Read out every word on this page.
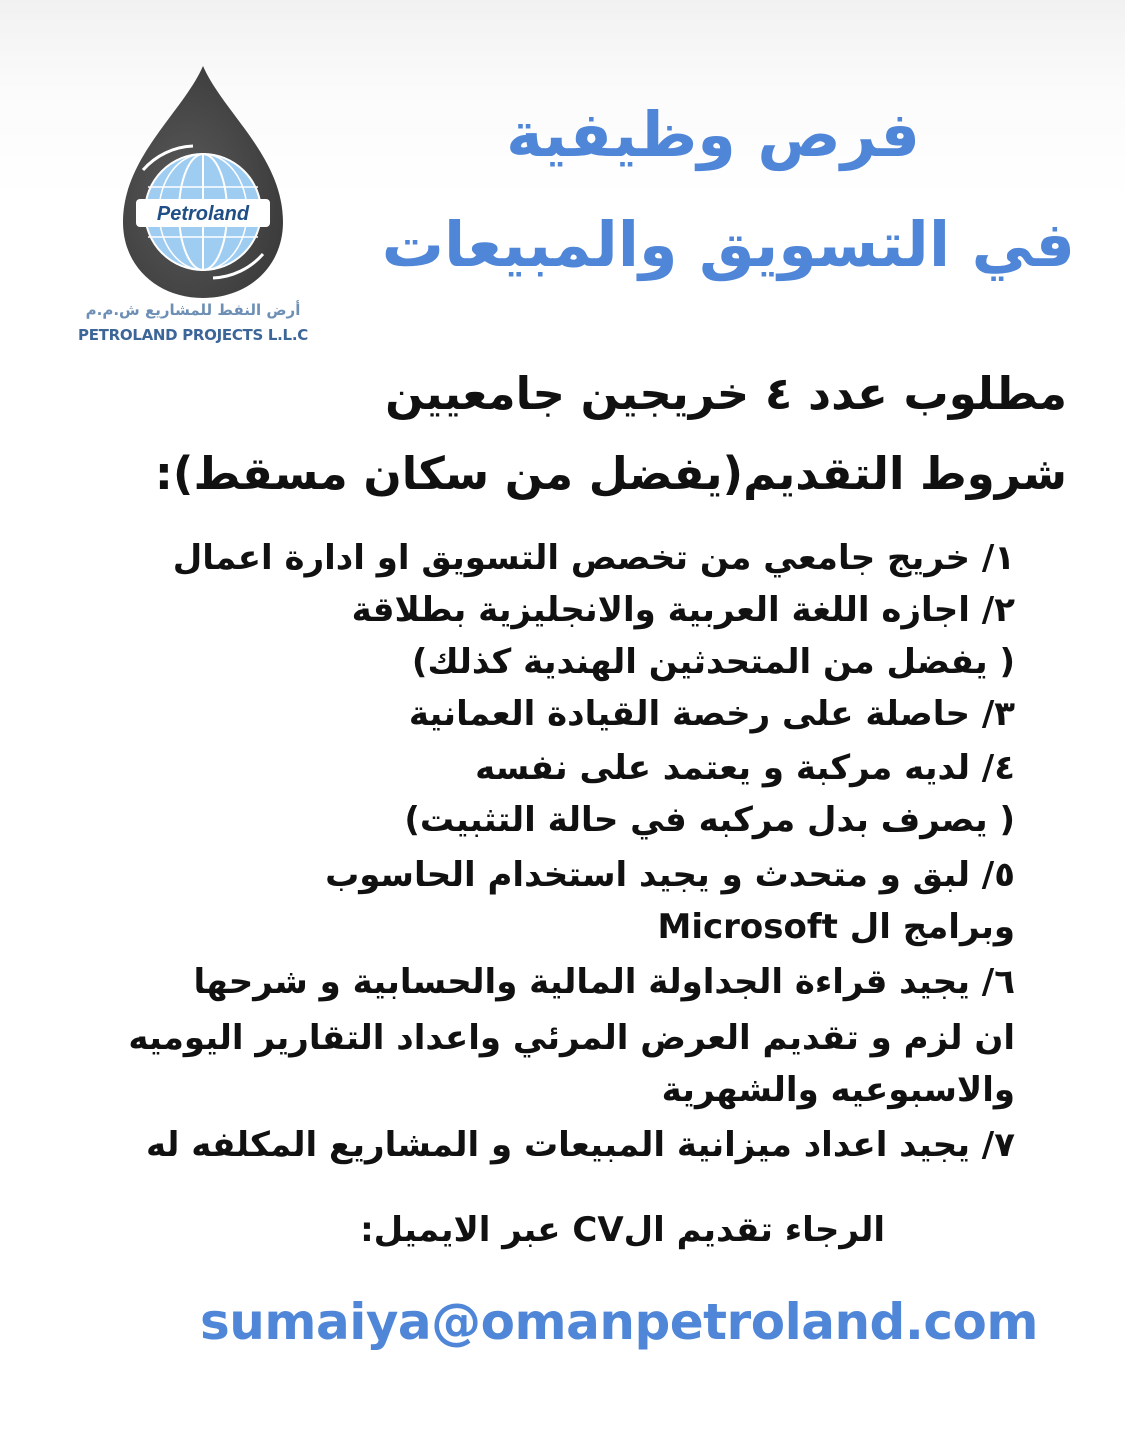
Petroland
أرض النفط للمشاريع ش.م.م
PETROLAND PROJECTS L.L.C
فرص وظيفية
في التسويق والمبيعات
مطلوب عدد ٤ خريجين جامعيين
شروط التقديم(يفضل من سكان مسقط):
١/ خريج جامعي من تخصص التسويق او ادارة اعمال
٢/ اجازه اللغة العربية والانجليزية بطلاقة
( يفضل من المتحدثين الهندية كذلك)
٣/ حاصلة على رخصة القيادة العمانية
٤/ لديه مركبة و يعتمد على نفسه
( يصرف بدل مركبه في حالة التثبيت)
٥/ لبق و متحدث و يجيد استخدام الحاسوب
وبرامج ال Microsoft
٦/ يجيد قراءة الجداولة المالية والحسابية و شرحها
ان لزم و تقديم العرض المرئي واعداد التقارير اليوميه
والاسبوعيه والشهرية
٧/ يجيد اعداد ميزانية المبيعات و المشاريع المكلفه له
الرجاء تقديم الCV عبر الايميل:
sumaiya@omanpetroland.com
